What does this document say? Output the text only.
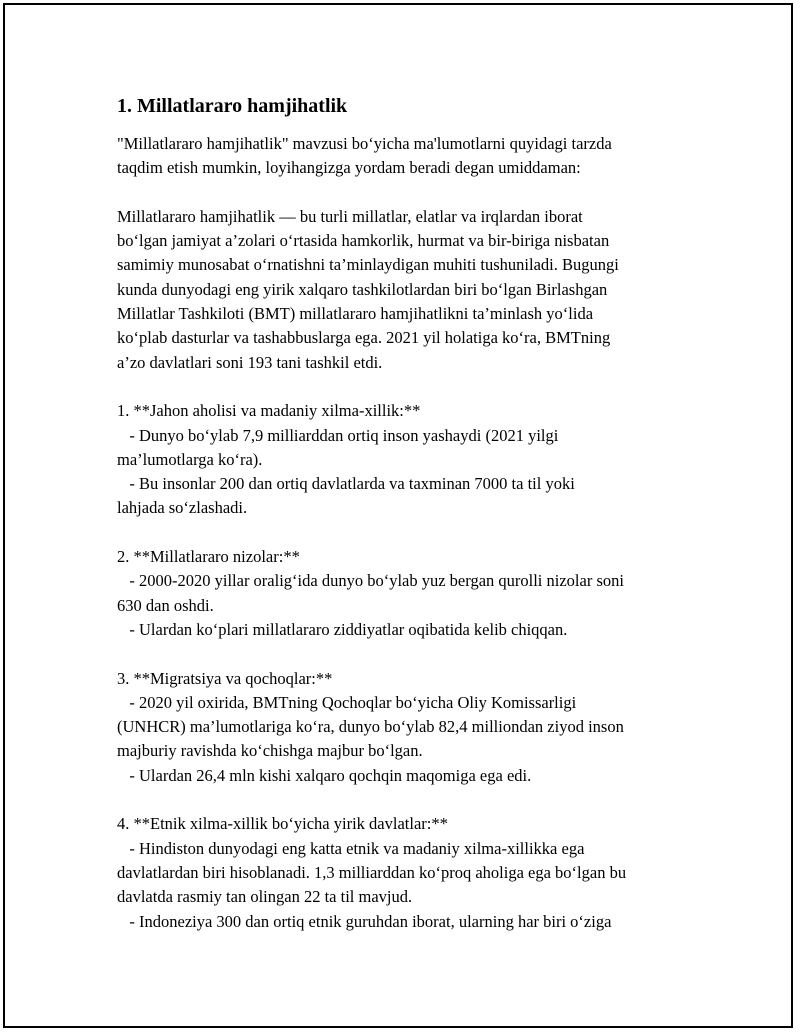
1. Millatlararo hamjihatlik
"Millatlararo hamjihatlik" mavzusi bo‘yicha ma'lumotlarni quyidagi tarzda
taqdim etish mumkin, loyihangizga yordam beradi degan umiddaman:
Millatlararo hamjihatlik — bu turli millatlar, elatlar va irqlardan iborat
bo‘lgan jamiyat a’zolari o‘rtasida hamkorlik, hurmat va bir-biriga nisbatan
samimiy munosabat o‘rnatishni ta’minlaydigan muhiti tushuniladi. Bugungi
kunda dunyodagi eng yirik xalqaro tashkilotlardan biri bo‘lgan Birlashgan
Millatlar Tashkiloti (BMT) millatlararo hamjihatlikni ta’minlash yo‘lida
ko‘plab dasturlar va tashabbuslarga ega. 2021 yil holatiga ko‘ra, BMTning
a’zo davlatlari soni 193 tani tashkil etdi.
1. **Jahon aholisi va madaniy xilma-xillik:**
- Dunyo bo‘ylab 7,9 milliarddan ortiq inson yashaydi (2021 yilgi
ma’lumotlarga ko‘ra).
- Bu insonlar 200 dan ortiq davlatlarda va taxminan 7000 ta til yoki
lahjada so‘zlashadi.
2. **Millatlararo nizolar:**
- 2000-2020 yillar oralig‘ida dunyo bo‘ylab yuz bergan qurolli nizolar soni
630 dan oshdi.
- Ulardan ko‘plari millatlararo ziddiyatlar oqibatida kelib chiqqan.
3. **Migratsiya va qochoqlar:**
- 2020 yil oxirida, BMTning Qochoqlar bo‘yicha Oliy Komissarligi
(UNHCR) ma’lumotlariga ko‘ra, dunyo bo‘ylab 82,4 milliondan ziyod inson
majburiy ravishda ko‘chishga majbur bo‘lgan.
- Ulardan 26,4 mln kishi xalqaro qochqin maqomiga ega edi.
4. **Etnik xilma-xillik bo‘yicha yirik davlatlar:**
- Hindiston dunyodagi eng katta etnik va madaniy xilma-xillikka ega
davlatlardan biri hisoblanadi. 1,3 milliarddan ko‘proq aholiga ega bo‘lgan bu
davlatda rasmiy tan olingan 22 ta til mavjud.
- Indoneziya 300 dan ortiq etnik guruhdan iborat, ularning har biri o‘ziga
